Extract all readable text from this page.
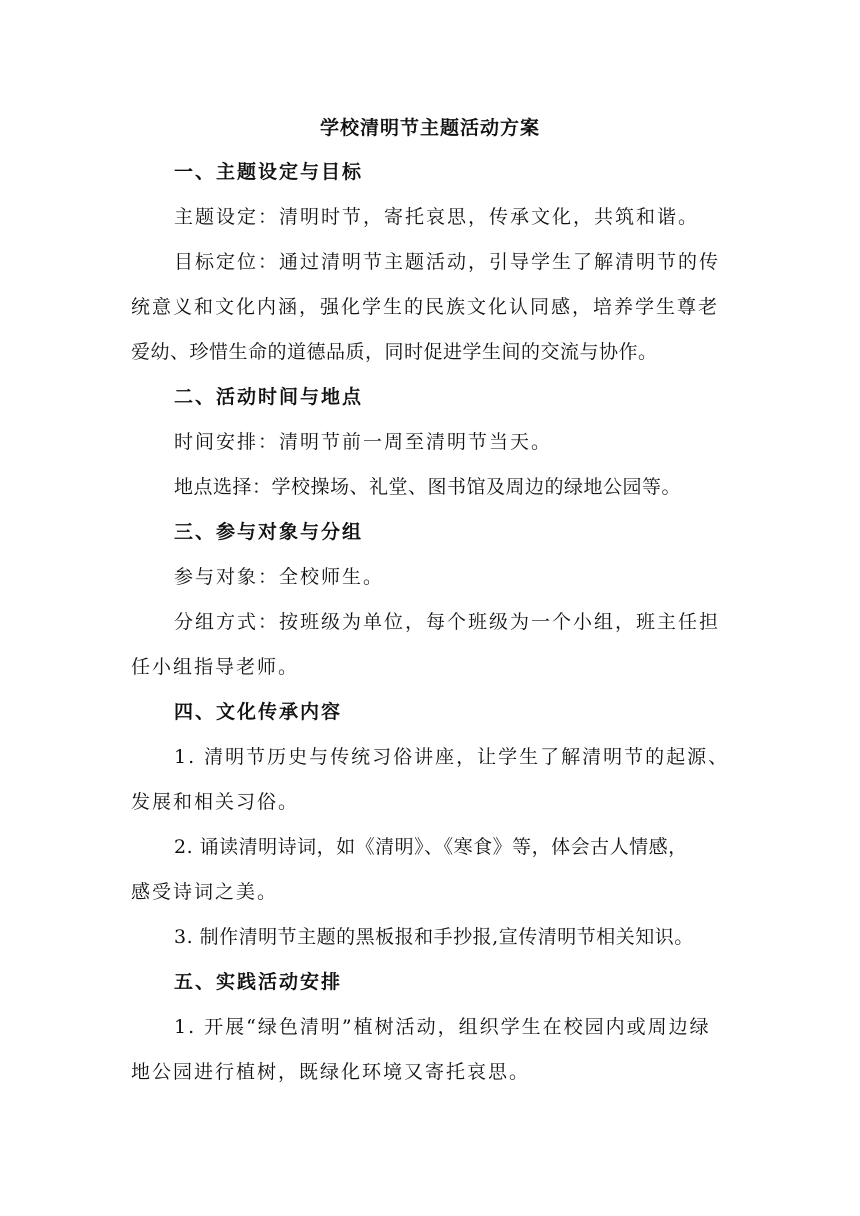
学校清明节主题活动方案
一、主题设定与目标
主题设定：清明时节，寄托哀思，传承文化，共筑和谐。
目标定位：通过清明节主题活动，引导学生了解清明节的传
统意义和文化内涵，强化学生的民族文化认同感，培养学生尊老
爱幼、珍惜生命的道德品质，同时促进学生间的交流与协作。
二、活动时间与地点
时间安排：清明节前一周至清明节当天。
地点选择：学校操场、礼堂、图书馆及周边的绿地公园等。
三、参与对象与分组
参与对象：全校师生。
分组方式：按班级为单位，每个班级为一个小组，班主任担
任小组指导老师。
四、文化传承内容
1. 清明节历史与传统习俗讲座，让学生了解清明节的起源、
发展和相关习俗。
2. 诵读清明诗词，如《清明》、《寒食》等，体会古人情感，
感受诗词之美。
3. 制作清明节主题的黑板报和手抄报,宣传清明节相关知识。
五、实践活动安排
1. 开展“绿色清明”植树活动，组织学生在校园内或周边绿
地公园进行植树，既绿化环境又寄托哀思。
